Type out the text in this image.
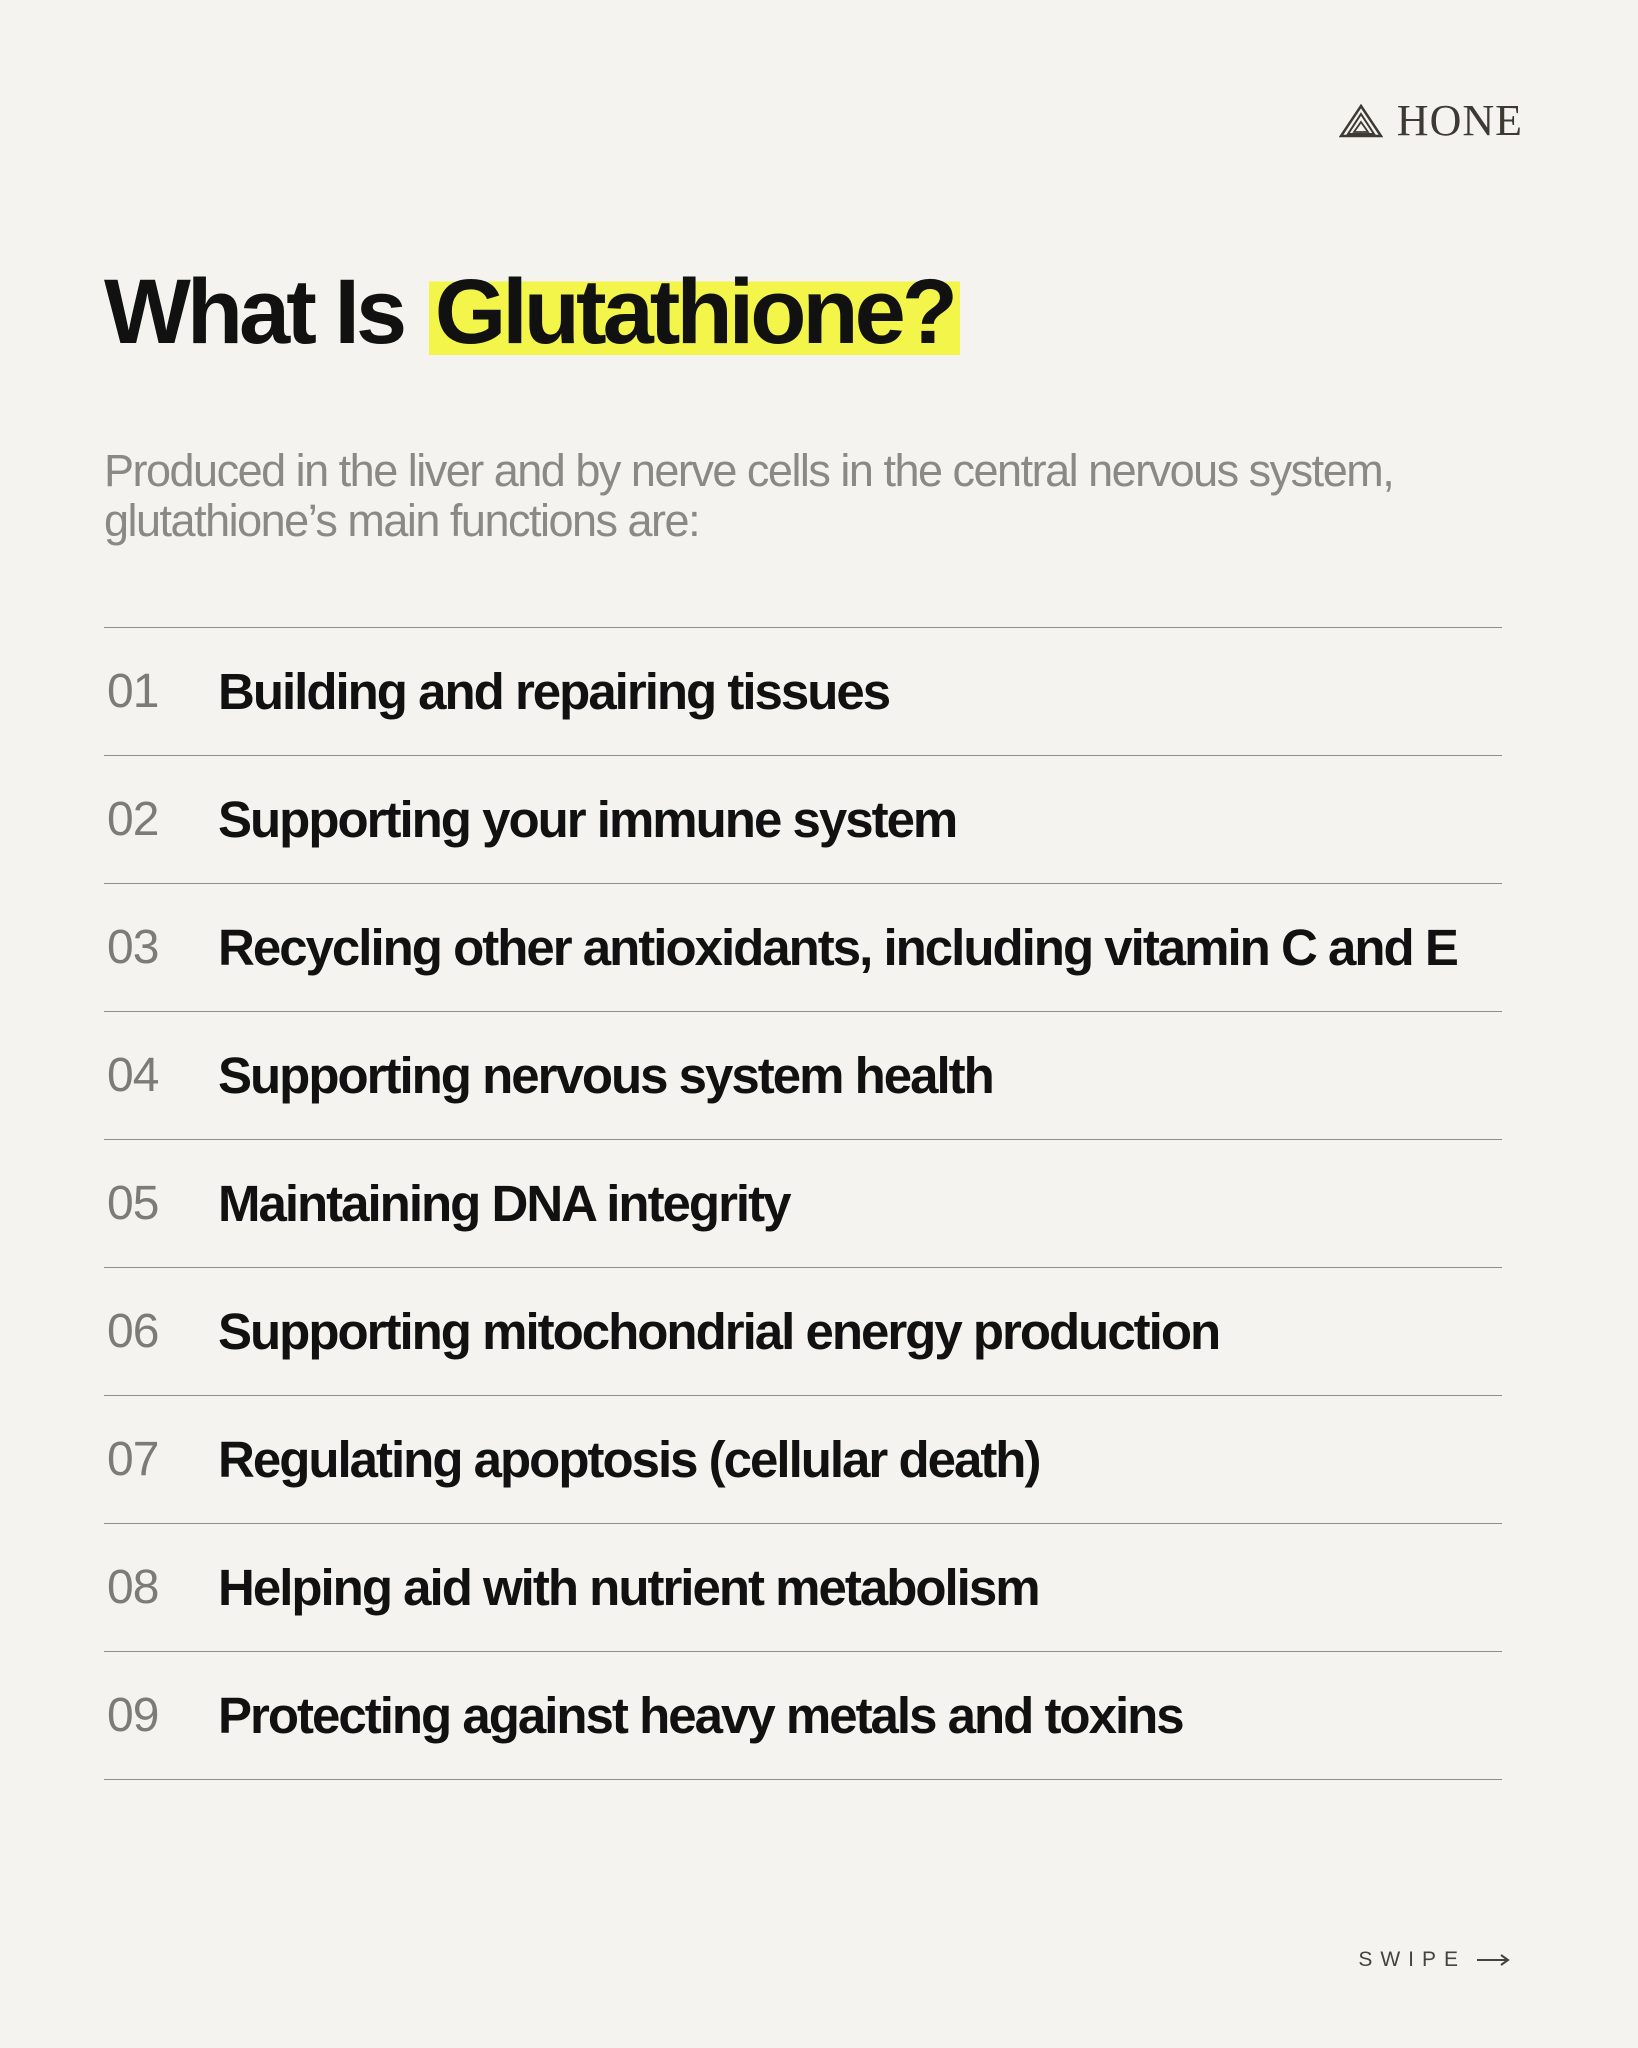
HONE
What Is Glutathione?

Produced in the liver and by nerve cells in the central nervous system, glutathione’s main functions are:

01	Building and repairing tissues
02	Supporting your immune system
03	Recycling other antioxidants, including vitamin C and E
04	Supporting nervous system health
05	Maintaining DNA integrity
06	Supporting mitochondrial energy production
07	Regulating apoptosis (cellular death)
08	Helping aid with nutrient metabolism
09	Protecting against heavy metals and toxins
SWIPE
